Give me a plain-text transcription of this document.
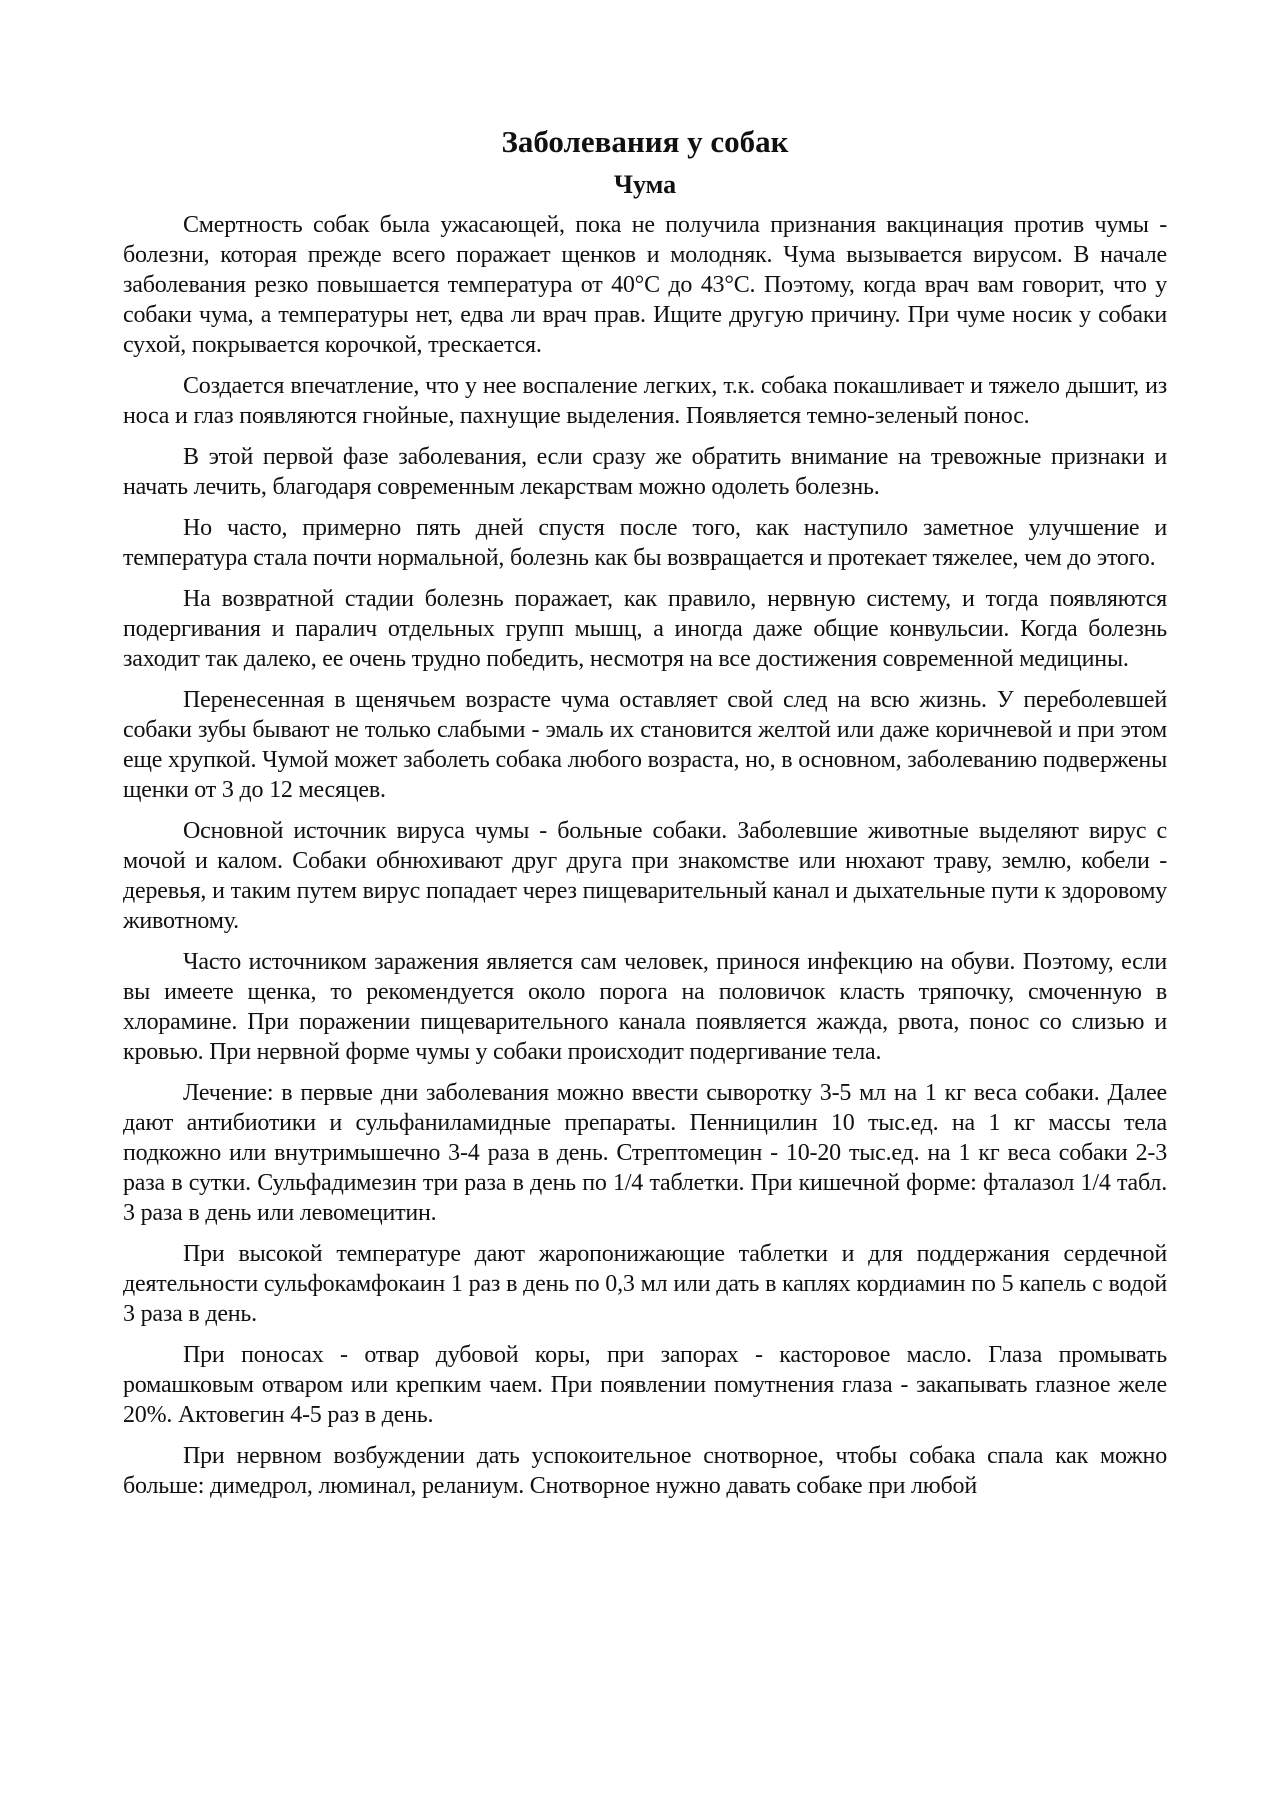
Заболевания у собак
Чума

Смертность собак была ужасающей, пока не получила признания вакцинация против чумы - болезни, которая прежде всего поражает щенков и молодняк. Чума вызывается вирусом. В начале заболевания резко повышается температура от 40°С до 43°С. Поэтому, когда врач вам говорит, что у собаки чума, а температуры нет, едва ли врач прав. Ищите другую причину. При чуме носик у собаки сухой, покрывается корочкой, трескается.

Создается впечатление, что у нее воспаление легких, т.к. собака покашливает и тяжело дышит, из носа и глаз появляются гнойные, пахнущие выделения. Появляется темно-зеленый понос.

В этой первой фазе заболевания, если сразу же обратить внимание на тревожные признаки и начать лечить, благодаря современным лекарствам можно одолеть болезнь.

Но часто, примерно пять дней спустя после того, как наступило заметное улучшение и температура стала почти нормальной, болезнь как бы возвращается и протекает тяжелее, чем до этого.

На возвратной стадии болезнь поражает, как правило, нервную систему, и тогда появляются подергивания и паралич отдельных групп мышц, а иногда даже общие конвульсии. Когда болезнь заходит так далеко, ее очень трудно победить, несмотря на все достижения современной медицины.

Перенесенная в щенячьем возрасте чума оставляет свой след на всю жизнь. У переболевшей собаки зубы бывают не только слабыми - эмаль их становится желтой или даже коричневой и при этом еще хрупкой. Чумой может заболеть собака любого возраста, но, в основном, заболеванию подвержены щенки от 3 до 12 месяцев.

Основной источник вируса чумы - больные собаки. Заболевшие животные выделяют вирус с мочой и калом. Собаки обнюхивают друг друга при знакомстве или нюхают траву, землю, кобели - деревья, и таким путем вирус попадает через пищеварительный канал и дыхательные пути к здоровому животному.

Часто источником заражения является сам человек, принося инфекцию на обуви. Поэтому, если вы имеете щенка, то рекомендуется около порога на половичок класть тряпочку, смоченную в хлорамине. При поражении пищеварительного канала появляется жажда, рвота, понос со слизью и кровью. При нервной форме чумы у собаки происходит подергивание тела.

Лечение: в первые дни заболевания можно ввести сыворотку 3-5 мл на 1 кг веса собаки. Далее дают антибиотики и сульфаниламидные препараты. Пенницилин 10 тыс.ед. на 1 кг массы тела подкожно или внутримышечно 3-4 раза в день. Стрептомецин - 10-20 тыс.ед. на 1 кг веса собаки 2-3 раза в сутки. Сульфадимезин три раза в день по 1/4 таблетки. При кишечной форме: фталазол 1/4 табл. 3 раза в день или левомецитин.

При высокой температуре дают жаропонижающие таблетки и для поддержания сердечной деятельности сульфокамфокаин 1 раз в день по 0,3 мл или дать в каплях кордиамин по 5 капель с водой 3 раза в день.

При поносах - отвар дубовой коры, при запорах - касторовое масло. Глаза промывать ромашковым отваром или крепким чаем. При появлении помутнения глаза - закапывать глазное желе 20%. Актовегин 4-5 раз в день.

При нервном возбуждении дать успокоительное снотворное, чтобы собака спала как можно больше: димедрол, люминал, реланиум. Снотворное нужно давать собаке при любой
